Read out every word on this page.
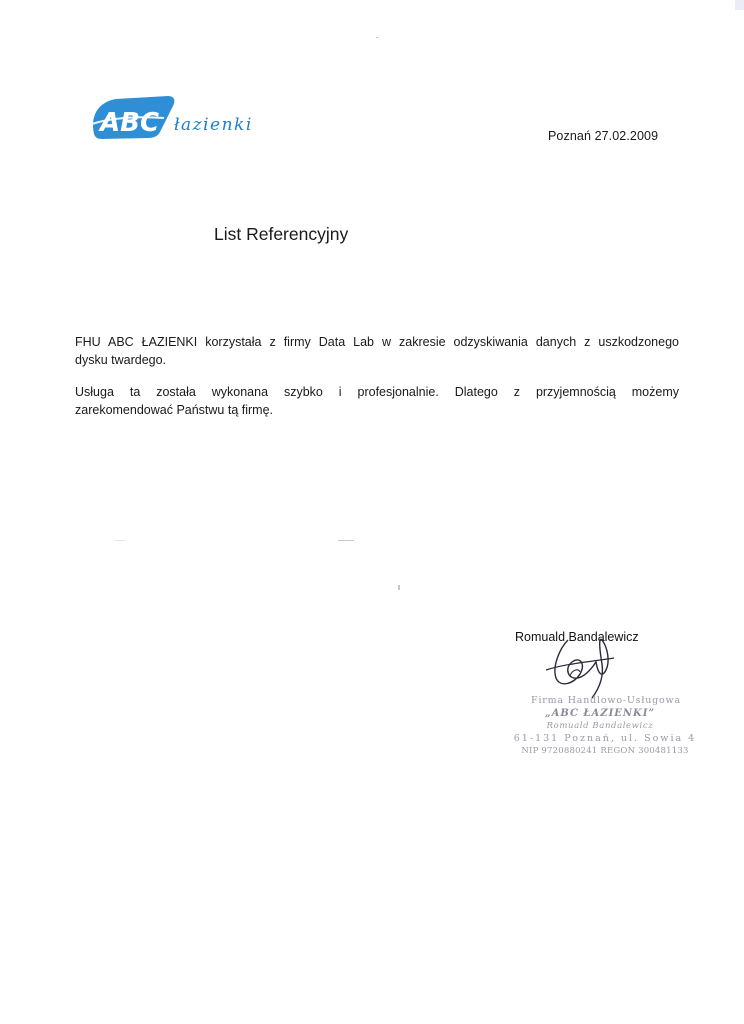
ABC łazienki
Poznań 27.02.2009
List Referencyjny

FHU ABC ŁAZIENKI korzystała z firmy Data Lab w zakresie odzyskiwania danych z uszkodzonego
dysku twardego.

Usługa ta została wykonana szybko i profesjonalnie. Dlatego z przyjemnością możemy
zarekomendować Państwu tą firmę.

Romuald Bandalewicz
Firma Handlowo-Usługowa
„ABC ŁAZIENKI”
Romuald Bandalewicz
61-131 Poznań, ul. Sowia 4
NIP 9720880241 REGON 300481133
